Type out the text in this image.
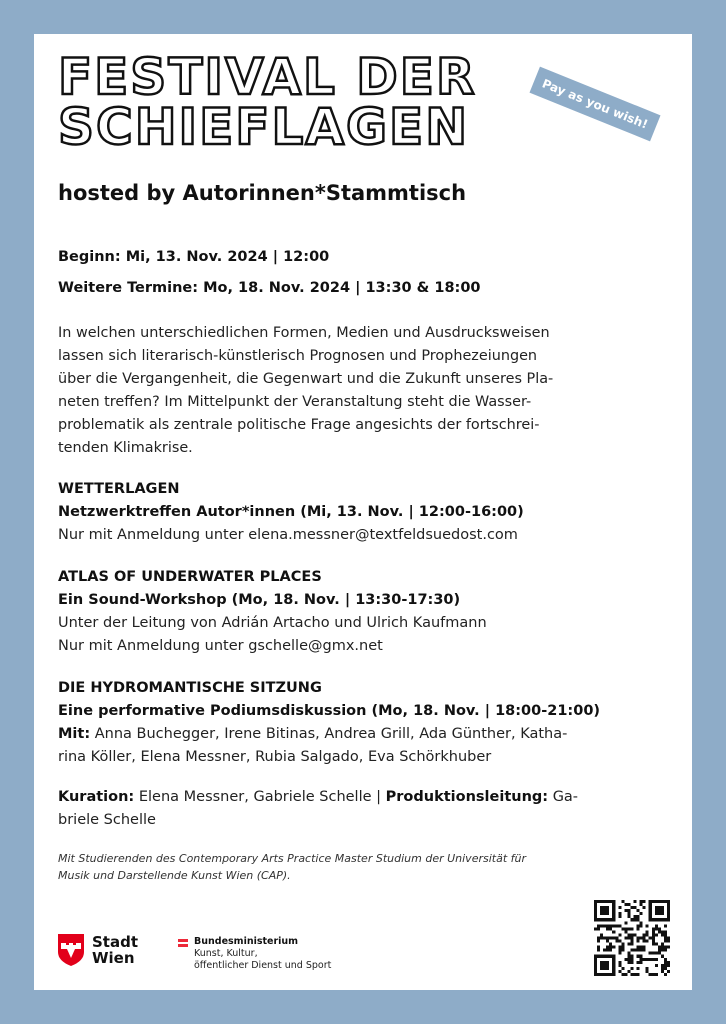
FESTIVAL DER
SCHIEFLAGEN
hosted by Autorinnen*Stammtisch
Pay as you wish!
Beginn: Mi, 13. Nov. 2024 | 12:00
Weitere Termine: Mo, 18. Nov. 2024 | 13:30 & 18:00

In welchen unterschiedlichen Formen, Medien und Ausdrucksweisen

lassen sich literarisch-künstlerisch Prognosen und Prophezeiungen

über die Vergangenheit, die Gegenwart und die Zukunft unseres Pla-

neten treffen? Im Mittelpunkt der Veranstaltung steht die Wasser-

problematik als zentrale politische Frage angesichts der fortschrei-

tenden Klimakrise.

WETTERLAGEN
Netzwerktreffen Autor*innen (Mi, 13. Nov. | 12:00-16:00)
Nur mit Anmeldung unter elena.messner@textfeldsuedost.com
ATLAS OF UNDERWATER PLACES
Ein Sound-Workshop (Mo, 18. Nov. | 13:30-17:30)
Unter der Leitung von Adrián Artacho und Ulrich Kaufmann
Nur mit Anmeldung unter gschelle@gmx.net
DIE HYDROMANTISCHE SITZUNG
Eine performative Podiumsdiskussion (Mo, 18. Nov. | 18:00-21:00)
Mit: Anna Buchegger, Irene Bitinas, Andrea Grill, Ada Günther, Katha-
rina Köller, Elena Messner, Rubia Salgado, Eva Schörkhuber
Kuration: Elena Messner, Gabriele Schelle | Produktionsleitung: Ga-
briele Schelle
Mit Studierenden des Contemporary Arts Practice Master Studium der Universität für
Musik und Darstellende Kunst Wien (CAP).
Stadt
Wien
Bundesministerium
Kunst, Kultur,
öffentlicher Dienst und Sport
